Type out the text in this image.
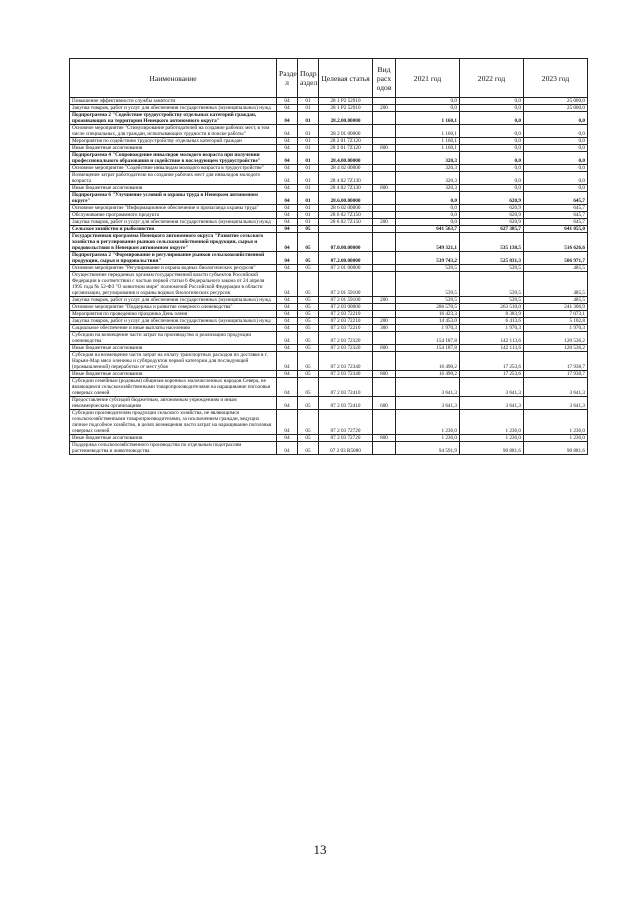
Наименование	Разде л	Подр аздел	Целевая статья	Вид расх одов	2021 год	2022 год	2023 год
Повышение эффективности службы занятости	04	01	28 1 P2 52910		0,0	0,0	25 000,0
Закупка товаров, работ и услуг для обеспечения государственных (муниципальных) нужд	04	01	28 1 P2 52910	200	0,0	0,0	25 000,0
Подпрограмма 2 "Содействие трудоустройству отдельных категорий граждан, проживающих на территории Ненецкого автономного округа"	04	01	28.2.00.00000		1 160,1	0,0	0,0
Основное мероприятие "Стимулирование работодателей на создание рабочих мест, в том числе специальных, для граждан, испытывающих трудности в поиске работы"	04	01	28 2 01 00000		1 160,1	0,0	0,0
Мероприятия по содействию трудоустройству отдельных категорий граждан	04	01	28 2 01 7Z120		1 160,1	0,0	0,0
Иные бюджетные ассигнования	04	01	28 2 01 7Z120	800	1 160,1	0,0	0,0
Подпрограмма 4 "Сопровождение инвалидов молодого возраста при получении профессионального образования и содействие в последующем трудоустройстве"	04	01	28.4.00.00000		320,3	0,0	0,0
Основное мероприятие "Содействие инвалидам молодого возраста в трудоустройстве"	04	01	28 4 02 00000		320,3	0,0	0,0
Возмещение затрат работодателю на создание рабочих мест для инвалидов молодого возраста	04	01	28 4 02 7Z130		320,3	0,0	0,0
Иные бюджетные ассигнования	04	01	28 4 02 7Z130	800	320,3	0,0	0,0
Подпрограмма 6 "Улучшение условий и охраны труда в Ненецком автономном округе"	04	01	28.6.00.00000		0,0	620,9	645,7
Основное мероприятие "Информационное обеспечение и пропаганда охраны труда"	04	01	28 6 02 00000		0,0	620,9	645,7
Обслуживание программного продукта	04	01	28 6 02 7Z150		0,0	620,9	645,7
Закупка товаров, работ и услуг для обеспечения государственных (муниципальных) нужд	04	01	28 6 02 7Z150	200	0,0	620,9	645,7
Сельское хозяйство и рыболовство	04	05			641 563,7	627 385,7	641 055,0
Государственная программа Ненецкого автономного округа "Развитие сельского хозяйства и регулирование рынков сельскохозяйственной продукции, сырья и продовольствия в Ненецком автономном округе"	04	05	07.0.00.00000		549 321,1	535 138,5	516 626,6
Подпрограмма 2 "Формирование и регулирование рынков сельскохозяйственной продукции, сырья и продовольствия"	04	05	07.2.00.00000		539 743,2	525 831,3	506 971,7
Основное мероприятие "Регулирование и охрана водных биологических ресурсов"	04	05	07 2 01 00000		539,5	539,5	485,5
Осуществление переданных органам государственной власти субъектов Российской Федерации в соответствии с частью первой статьи 6 Федерального закона от 24 апреля 1995 года № 52-ФЗ "О животном мире" полномочий Российской Федерации в области организации, регулирования и охраны водных биологических ресурсов	04	05	07 2 01 59100		539,5	539,5	485,5
Закупка товаров, работ и услуг для обеспечения государственных (муниципальных) нужд	04	05	07 2 01 59100	200	539,5	539,5	485,5
Основное мероприятие "Поддержка и развитие северного оленеводства"	04	05	07 2 03 00000		286 570,5	263 510,0	241 306,9
Мероприятия по проведению праздника День оленя	04	05	07 2 03 72210		16 423,3	8 383,9	7 073,1
Закупка товаров, работ и услуг для обеспечения государственных (муниципальных) нужд	04	05	07 2 03 72210	200	14 453,0	6 413,6	5 102,8
Социальное обеспечение и иные выплаты населению	04	05	07 2 03 72210	300	1 970,3	1 970,3	1 970,3
Субсидии на возмещение части затрат на производство и реализацию продукции оленеводства	04	05	07 2 03 72320		154 187,8	142 113,6	120 536,2
Иные бюджетные ассигнования	04	05	07 2 03 72320	800	154 187,8	142 113,6	120 536,2
Субсидия на возмещение части затрат на оплату транспортных расходов по доставке в г. Нарьян-Мар мясо оленины и субпродуктов первой категории для последующей (промышленной) переработки от мест убоя	04	05	07 2 03 72340		16 490,2	17 253,6	17 938,7
Иные бюджетные ассигнования	04	05	07 2 03 72340	800	16 490,2	17 253,6	17 938,7
Субсидии семейным (родовым) общинам коренных малочисленных народов Севера, не являющимся сельскохозяйственными товаропроизводителями на наращивание поголовья северных оленей	04	05	07 2 03 72410		3 641,3	3 641,3	3 641,3
Предоставление субсидий бюджетным, автономным учреждениям и иным некоммерческим организациям	04	05	07 2 03 72410	600	3 641,3	3 641,3	3 641,3
Субсидии производителям продукции сельского хозяйства, не являющимся сельскохозяйственными товаропроизводителями, за исключением граждан, ведущих личное подсобное хозяйство, в целях возмещения части затрат на наращивание поголовья северных оленей	04	05	07 2 03 72720		1 236,0	1 236,0	1 236,0
Иные бюджетные ассигнования	04	05	07 2 03 72720	800	1 236,0	1 236,0	1 236,0
Поддержка сельскохозяйственного производства по отдельным подотраслям растениеводства и животноводства	04	05	07 2 03 R5080		94 591,9	90 881,6	90 881,6
13
